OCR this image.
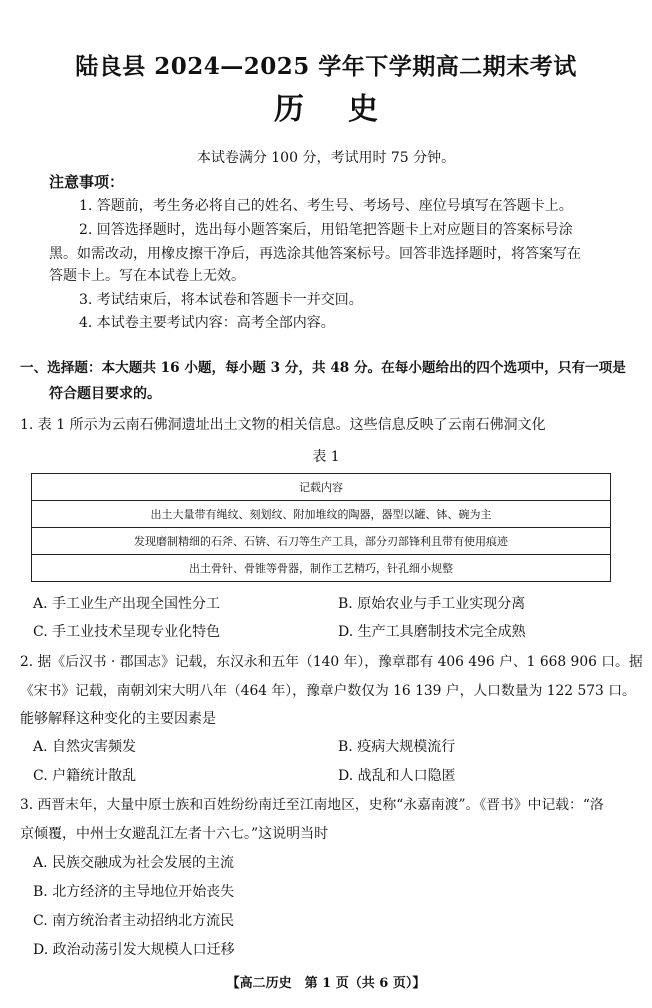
陆良县 2024—2025 学年下学期高二期末考试
历史
本试卷满分 100 分，考试用时 75 分钟。
注意事项：
1. 答题前，考生务必将自己的姓名、考生号、考场号、座位号填写在答题卡上。
2. 回答选择题时，选出每小题答案后，用铅笔把答题卡上对应题目的答案标号涂
黑。如需改动，用橡皮擦干净后，再选涂其他答案标号。回答非选择题时，将答案写在
答题卡上。写在本试卷上无效。
3. 考试结束后，将本试卷和答题卡一并交回。
4. 本试卷主要考试内容：高考全部内容。
一、选择题：本大题共 16 小题，每小题 3 分，共 48 分。在每小题给出的四个选项中，只有一项是
符合题目要求的。
1. 表 1 所示为云南石佛洞遗址出土文物的相关信息。这些信息反映了云南石佛洞文化
表 1
记载内容
出土大量带有绳纹、刻划纹、附加堆纹的陶器，器型以罐、钵、碗为主
发现磨制精细的石斧、石锛、石刀等生产工具，部分刃部锋利且带有使用痕迹
出土骨针、骨锥等骨器，制作工艺精巧，针孔细小规整
A. 手工业生产出现全国性分工	B. 原始农业与手工业实现分离
C. 手工业技术呈现专业化特色	D. 生产工具磨制技术完全成熟
2. 据《后汉书 · 郡国志》记载，东汉永和五年（140 年），豫章郡有 406 496 户、1 668 906 口。据
《宋书》记载，南朝刘宋大明八年（464 年），豫章户数仅为 16 139 户，人口数量为 122 573 口。
能够解释这种变化的主要因素是
A. 自然灾害频发	B. 疫病大规模流行
C. 户籍统计散乱	D. 战乱和人口隐匿
3. 西晋末年，大量中原士族和百姓纷纷南迁至江南地区，史称“永嘉南渡”。《晋书》中记载：“洛
京倾覆，中州士女避乱江左者十六七。”这说明当时
A. 民族交融成为社会发展的主流
B. 北方经济的主导地位开始丧失
C. 南方统治者主动招纳北方流民
D. 政治动荡引发大规模人口迁移
【高二历史　第 1 页（共 6 页）】
